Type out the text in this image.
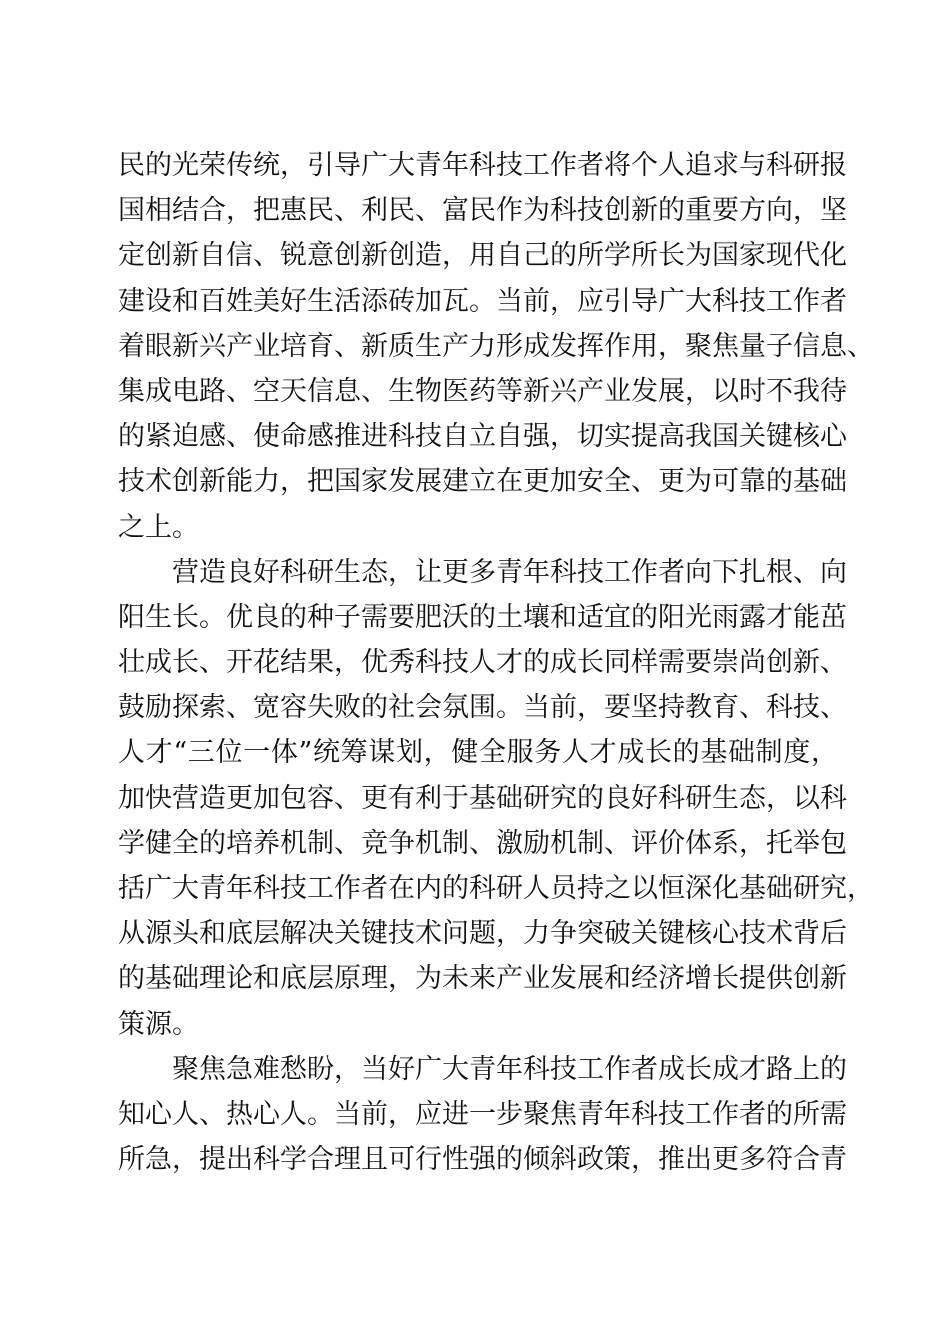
民的光荣传统，引导广大青年科技工作者将个人追求与科研报
国相结合，把惠民、利民、富民作为科技创新的重要方向，坚
定创新自信、锐意创新创造，用自己的所学所长为国家现代化
建设和百姓美好生活添砖加瓦。当前，应引导广大科技工作者
着眼新兴产业培育、新质生产力形成发挥作用，聚焦量子信息、
集成电路、空天信息、生物医药等新兴产业发展，以时不我待
的紧迫感、使命感推进科技自立自强，切实提高我国关键核心
技术创新能力，把国家发展建立在更加安全、更为可靠的基础
之上。
营造良好科研生态，让更多青年科技工作者向下扎根、向
阳生长。优良的种子需要肥沃的土壤和适宜的阳光雨露才能茁
壮成长、开花结果，优秀科技人才的成长同样需要崇尚创新、
鼓励探索、宽容失败的社会氛围。当前，要坚持教育、科技、
人才“三位一体”统筹谋划，健全服务人才成长的基础制度，
加快营造更加包容、更有利于基础研究的良好科研生态，以科
学健全的培养机制、竞争机制、激励机制、评价体系，托举包
括广大青年科技工作者在内的科研人员持之以恒深化基础研究，
从源头和底层解决关键技术问题，力争突破关键核心技术背后
的基础理论和底层原理，为未来产业发展和经济增长提供创新
策源。
聚焦急难愁盼，当好广大青年科技工作者成长成才路上的
知心人、热心人。当前，应进一步聚焦青年科技工作者的所需
所急，提出科学合理且可行性强的倾斜政策，推出更多符合青
